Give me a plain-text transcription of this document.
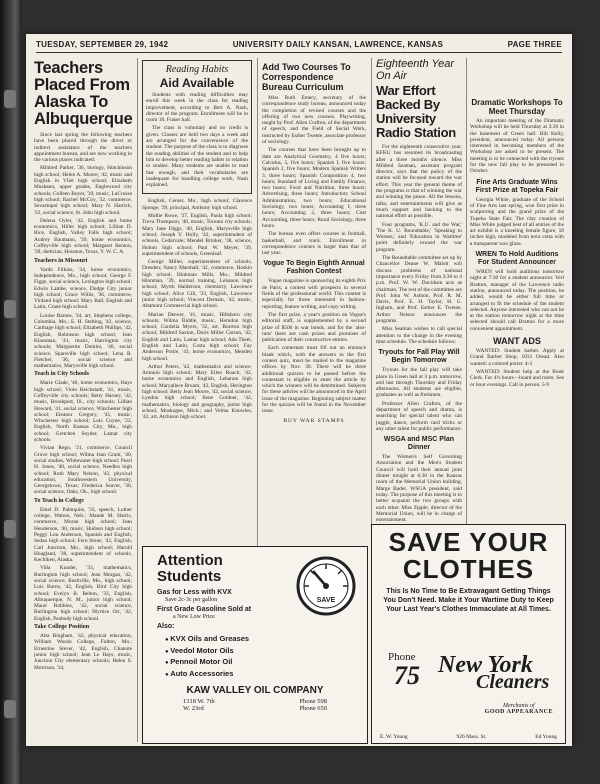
TUESDAY, SEPTEMBER 29, 1942	UNIVERSITY DAILY KANSAN, LAWRENCE, KANSAS	PAGE THREE
Teachers Placed From Alaska To Albuquerque

Since last spring the following teachers have been placed through the direct or indirect assistance of the teachers appointment bureau, and are now working in the various places indicated:

Mildred Parker, '36, biology, Hutchinson high school; Helen A. Moore, '42, music and English in Vliet high school; Elizabeth Mushann, upper grades, Englewood city schools; Colleen Boyer, '39, music, LaCrosse high school; Rachel McCoy, '32, commerce, Sevastopol high school; Mary N. Harrick, '22, social science, St. John high school.

Delena Oyler, '42, English and home economics, Hiller high school; Lillian D. Rice, English, Valley Falls high school; Audrey Baumann, '39, home economics, Coffeyville high school; Margaret Benton, '39, dietician, Houston, Texas, Y. W. C. A.

Teachers in Missouri

Vardo Filkins, '34, home economics, Independence, Mo., high school; George F. Figge, social science, Lexington high school; Edwin Lambe, science, Dodge City junior high school; Grace Willis, '36, commerce, Vinland high school; Mary Ball, English and Latin, Crane high school.

Louise Barnes, '34, art, Stephens college, Columbia, Mo.; E. H. Stelting, '42, science, Carthage high school; Elizabeth Phillips, '42, English, Robinson high school; Jean Klassman, '41, music, Harrington city schools; Marguerite Domini, '40, social science, Sparsville high school; Lena B. Fletcher, '36, social science and mathematics, Marysville high school.

Teach in City Schools

Marie Glade, '40, home economics, Hays high school; Viola Reichstadt, '41, music, Coffeyville city schools; Betty Harney, '42, music, Brookport, Ill., city schools; Lillian Howard, '41, social science, Winchester high school; Eleanor Gregory, '41, music, Winchester high school; Lois Coyne, '22, English, North Kansas City, Mo., high school; Gretchen Snyder, Lamar city schools.

Vivian Regn, '21, commerce, Council Grove high school; Wilma Jean Grant, '40, social studies, Whitewater high school; Pearl H. Jones, '40, social science, Needles high school; Ruth Mary Nelson, '42, physical education, Southwestern University, Georgetown, Texas; Frederica Seaver, '36, social science, Oaks, Ok., high school.

To Teach in College

Ethel D. Palmquist, '33, speech, Luther college, Wahoo, Neb.; Maude M. Harris, commerce, Moran high school; Jean Henderson, '40, music, Hudson high school; Peggy Lou Anderson, Spanish and English, Sedan high school; Fern Stone, '42, English, Carl Junction, Mo., high school; Harold Hoagland, '38, superintendent of schools, Kechiken, Alaska.

Villa Kunder, '33, mathematics, Burlington high school; Jean Morgan, '42, social science, Rushville, Mo., high school; Lois Burns, '42, English, Bird City high school; Evelyn B. Belton, '33, English, Albuquerque, N. M., junior high school; Maud Robbins, '42, social science, Burlington high school; Myrtice Orr, '42, English, Peabody high school.

Take College Position

Alta Bingham, '42, physical education, William Woods College, Fulton, Mo.; Ernestine Stever, '42, English, Chanute junior high school; Jean Le Hays, music, Junction City elementary schools; Helen S. Morrison, '34,

Reading Habits

Aid Available

Students with reading difficulties may enroll this week in the class for reading improvement, according to Bert A. Nash, director of the program. Enrollment will be in room 18, Fraser hall.

The class is voluntary and no credit is given. Classes are held two days a week and are arranged for the convenience of the student. The purpose of the class is to diagnose the reading abilities of the student and to help him to develop better reading habits in relation to studies. Many students are unable to read fast enough, and their vocabularies are inadequate for handling college work, Nash explained.

English, Center, Mo., high school; Clarence Sponge, '39, principal, Anthony high school.

Mollie Rowe, '37, English, Paola high school; Treva Thompson, '40, music, Toronto city schools; Mary Jane Diggs, '40, English, Marysville high school; Joseph V. Holly, '42, superintendent of schools, Cedarvale; Mendel Brinker, '38, science, Holton high school; Paul W. Meyer, '39, superintendent of schools, Greenleaf.

George Miller, superintendent of schools, Dresden; Nancy Marshall, '42, commerce, Hoskin high school; Hinkman Mills, Mo.; Mildred Hinnman, '39, normal training, Lebanon high school; Myrth Halderson, chemistry, Lawrence high school; Alice Gill, '33, English, Lawrence junior high school; Vincent Demain, '42, music, Altamont Commercial high school.

Marian Denver, '41, music, Hillsboro city schools; Wilma Biddle, music, Herndon high school; Cordelia Myers, '32, art, Burrton high school; Mildred Saxton, Doris Miller Carson, '42, English and Latin, Lamar high school; Ada Theel, English and Latin, Costa high school; Fay Anderson Pottie, '43, home economics, Menden high school.

Arthur Peters, '42, mathematics and science, Antonio high school; Mary Ellen Roach, '42, home economics and English, Lebanon high school; Maryallece Bruam, '42, English, Herington high school; Betty Jean Moore, '42, social science, Lyndon high school; Ilene Goldner, '42, mathematics, biology and geography, junior high school, Muskogee, Mich.; and Velma Knowles, '42, art, Atchison high school.

Add Two Courses To Correspondence Bureau Curriculum

Miss Ruth Emery, secretary of the correspondence study bureau, announced today the completion of revised courses and the offering of two new courses. Playwriting, taught by Prof. Allen Crafton, of the department of speech, and the Field of Social Work, instructed by Esther Twente, associate professor of sociology.

The courses that have been brought up to date are Analytical Geometry, 4 five hours; Calculus, 5, five hours; Spanish I, five hours; Spanish 2, five hours; Modern Spanish Writers 3, three hours; Spanish Composition 4, two hours; Standard of Living and Family Finance, two hours; Food and Nutrition, three hours; Advertising, three hours; Introductory School Administration, two hours; Educational Sociology, two hours; Accounting I, three hours; Accounting 2, three hours; Cost Accounting, three hours; Rural Sociology, three hours.

The bureau even offers courses in football, basketball, and track. Enrollment in correspondence courses is larger than that of last year.

Vogue To Begin Eighth Annual Fashion Contest

Vogue magazine is sponsoring its eighth Prix de Paris, a contest with prospects in several fields of the professional world. This contest is especially for those interested in fashion-reporting, feature writing, and copy writing.

The first prize, a year's position on Vogue's editorial staff, is supplemented by a second prize of $500 in war bonds, and for the 'also-rans' there are cash prizes and promises of publication of their constructive entries.

Each contestant must fill out an entrance blank which, with the answers to the first contest quiz, must be mailed to the magazine offices by Nov. 30. There will be three additional quizzes to be passed before the contestant is eligible to enter the article by which the winners will be determined. Subjects for these articles will be announced in the April issue of the magazine. Beginning subject matter for the quizzes will be found in the November issue.

BUY WAR STAMPS

Eighteenth Year On Air

War Effort Backed By University Radio Station

For the eighteenth consecutive year, KFKU has resumed its broadcasting after a three months silence. Miss Mildred Seaman, assistant program director, says that the policy of the station will be focused toward the war effort. This year the general theme of the programs is that of winning the war and winning the peace. All the lessons, talks, and entertainments will give as much support and backing to the national effort as possible.

Four programs, 'K.U. and the War,' 'The K. U. Roundtable,' 'Speaking to Women,' and 'Education in Wartime' point definitely toward the war program.

The Roundtable committee set up by Chancellor Deane W. Malott will discuss problems of national importance every Friday from 3:30 to 4 p.m. Prof. W. W. Davidson acts as chairman. The rest of the committee are Prof. John W. Ashton, Prof. R. M. Davis, Prof. E. H. Taylor, H. G. Ingham, and Prof. Esther E. Twente. Arthur Nelson announces the programs.

Miss Seaman wishes to call special attention to the change in the evening time schedule. The schedule follows:

Tryouts for Fall Play Will Begin Tomorrow

Tryouts for the fall play will take place in Green hall at 3 p.m. tomorrow, and last through Thursday and Friday afternoons. All students are eligible, graduates as well as freshmen.

Professor Allen Crafton, of the department of speech and drama, is searching for special talent who can juggle, dance, perform card tricks or any other talent for public performance.

WSGA and MSC Plan Dinner

The Women's Self Governing Association and the Men's Student Council will hold their annual joint dinner tonight at 6:30 in the Kansas room of the Memorial Union building, Marge Bader, WSGA president, said today. The purpose of this meeting is to better acquaint the two groups with each other. Miss Zipple, director of the Memorial Union, will be in charge of entertainment.

Dramatic Workshops To Meet Thursday

An important meeting of the Dramatic Workshop will be held Thursday at 3:30 in the basement of Green hall. Bill Kelly, president, announced today. All persons interested in becoming members of the Workshop are asked to be present. The meeting is to be connected with the tryouts for the new fall play to be presented in October.

Fine Arts Graduate Wins First Prize at Topeka Fair

Georgia White, graduate of the School of Fine Arts last spring, won first prize in sculpturing and the grand prize of the Topeka State Fair. The clay creation of Miss White judged best of all entries of the art exhibit is a kneeling female figure, 18 inches high, modeled from terra cotta with a transparent wax glaze.

WREN To Hold Auditions For Student Announcer

WREN will hold auditions tomorrow night at 7:30 for a student announcer. Verl Bratton, manager of the Lawrence radio station, announced today. The position, he added, would be either full time or arranged to fit the schedule of the student selected. Anyone interested who can not be at the station tomorrow night at the time selected should call Bratton for a more convenient appointment.

WANT ADS

WANTED: Student barber. Apply at Grand Barber Shop, 1031 Oread. Also wanted: a colored porter. 4-3

WANTED: Student help at the Book Clerk. For 4½ hours—board and room. See or hour evenings. Call in person. 5-9

Attention
Students
Gas for Less with KVX
Save 2c-3c per gallon
First Grade Gasoline Sold at
a New Low Price
Also:
● KVX Oils and Greases
● Veedol Motor Oils
● Pennoil Motor Oil
● Auto Accessories
KAW VALLEY OIL COMPANY
1318 W. 7th
W. 23rd
Phone 598
Phone 650
SAVE
SAVE YOUR
CLOTHES
This Is No Time to Be Extravagant Getting Things You Don't Need. Make it Your Wartime Duty to Keep Your Last Year's Clothes Immaculate at All Times.
Phone
75 New York
Cleaners
Merchants of
GOOD APPEARANCE
E. W. Young	926 Mass. St.	Ed Young
